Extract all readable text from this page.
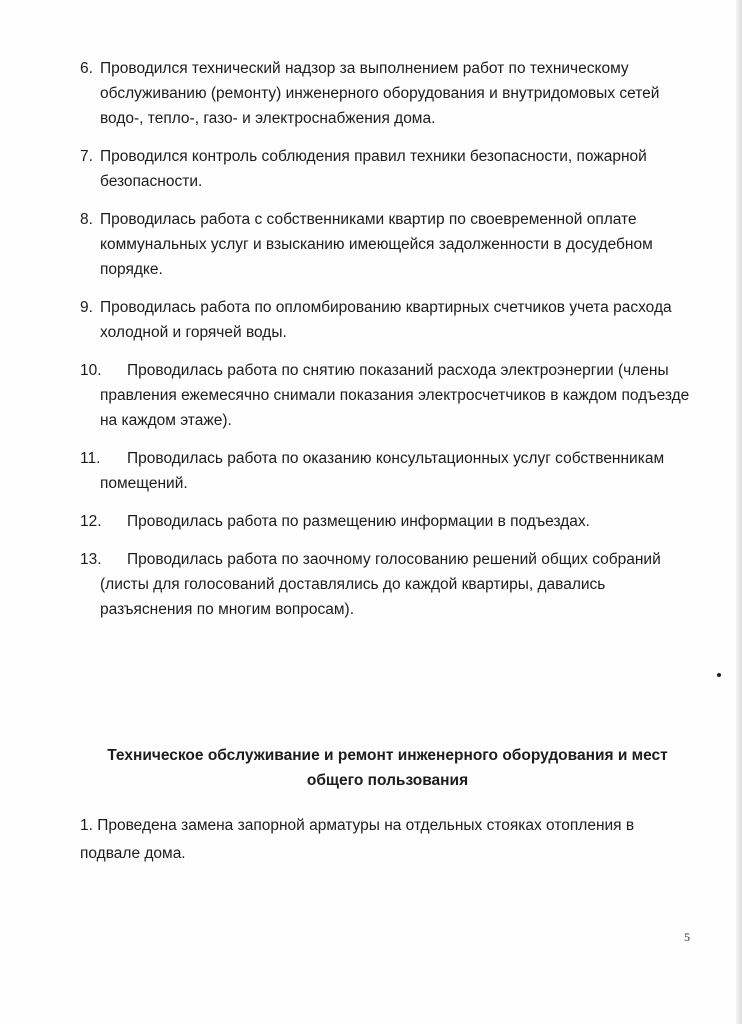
6. Проводился технический надзор за выполнением работ по техническому обслуживанию (ремонту) инженерного оборудования и внутридомовых сетей водо-, тепло-, газо- и электроснабжения дома.
7. Проводился контроль соблюдения правил техники безопасности, пожарной безопасности.
8. Проводилась работа с собственниками квартир по своевременной оплате коммунальных услуг и взысканию имеющейся задолженности в досудебном порядке.
9. Проводилась работа по опломбированию квартирных счетчиков учета расхода холодной и горячей воды.
10.	Проводилась работа по снятию показаний расхода электроэнергии (члены правления ежемесячно снимали показания электросчетчиков в каждом подъезде на каждом этаже).
11.	Проводилась работа по оказанию консультационных услуг собственникам помещений.
12.	Проводилась работа по размещению информации в подъездах.
13.	Проводилась работа по заочному голосованию решений общих собраний (листы для голосований доставлялись до каждой квартиры, давались разъяснения по многим вопросам).
Техническое обслуживание и ремонт инженерного оборудования и мест общего пользования
1. Проведена замена запорной арматуры на отдельных стояках отопления в подвале дома.
5
